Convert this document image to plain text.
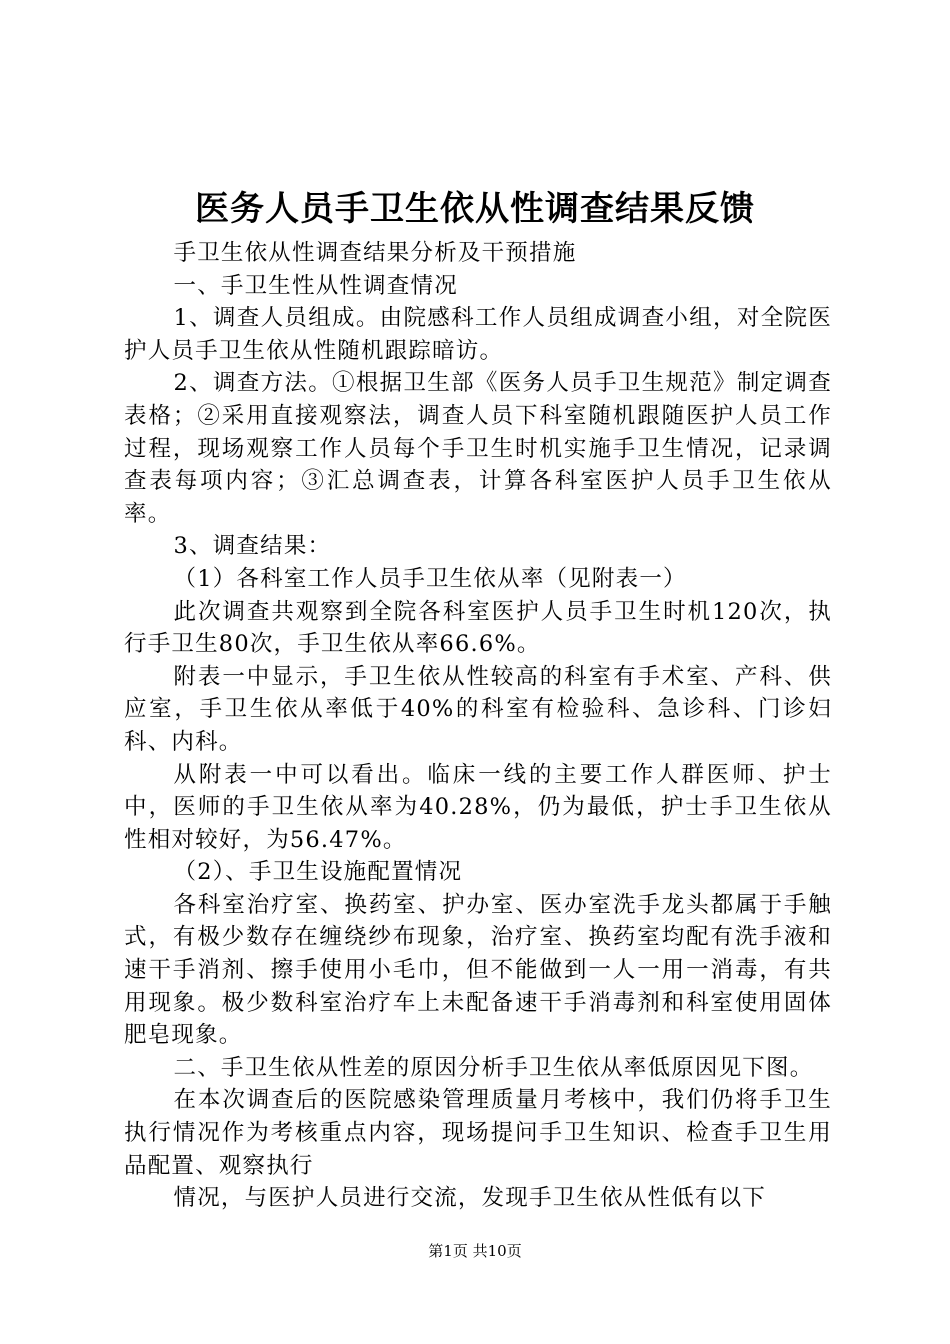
医务人员手卫生依从性调查结果反馈

手卫生依从性调查结果分析及干预措施

一、手卫生性从性调查情况

1、调查人员组成。由院感科工作人员组成调查小组，对全院医护人员手卫生依从性随机跟踪暗访。

2、调查方法。①根据卫生部《医务人员手卫生规范》制定调查表格；②采用直接观察法，调查人员下科室随机跟随医护人员工作过程，现场观察工作人员每个手卫生时机实施手卫生情况，记录调查表每项内容；③汇总调查表，计算各科室医护人员手卫生依从率。

3、调查结果：

（1）各科室工作人员手卫生依从率（见附表一）

此次调查共观察到全院各科室医护人员手卫生时机120次，执行手卫生80次，手卫生依从率66.6%。

附表一中显示，手卫生依从性较高的科室有手术室、产科、供应室，手卫生依从率低于40%的科室有检验科、急诊科、门诊妇科、内科。

从附表一中可以看出。临床一线的主要工作人群医师、护士中，医师的手卫生依从率为40.28%，仍为最低，护士手卫生依从性相对较好，为56.47%。

（2）、手卫生设施配置情况

各科室治疗室、换药室、护办室、医办室洗手龙头都属于手触式，有极少数存在缠绕纱布现象，治疗室、换药室均配有洗手液和速干手消剂、擦手使用小毛巾，但不能做到一人一用一消毒，有共用现象。极少数科室治疗车上未配备速干手消毒剂和科室使用固体肥皂现象。

二、手卫生依从性差的原因分析手卫生依从率低原因见下图。

在本次调查后的医院感染管理质量月考核中，我们仍将手卫生执行情况作为考核重点内容，现场提问手卫生知识、检查手卫生用品配置、观察执行

情况，与医护人员进行交流，发现手卫生依从性低有以下

第1页 共10页
